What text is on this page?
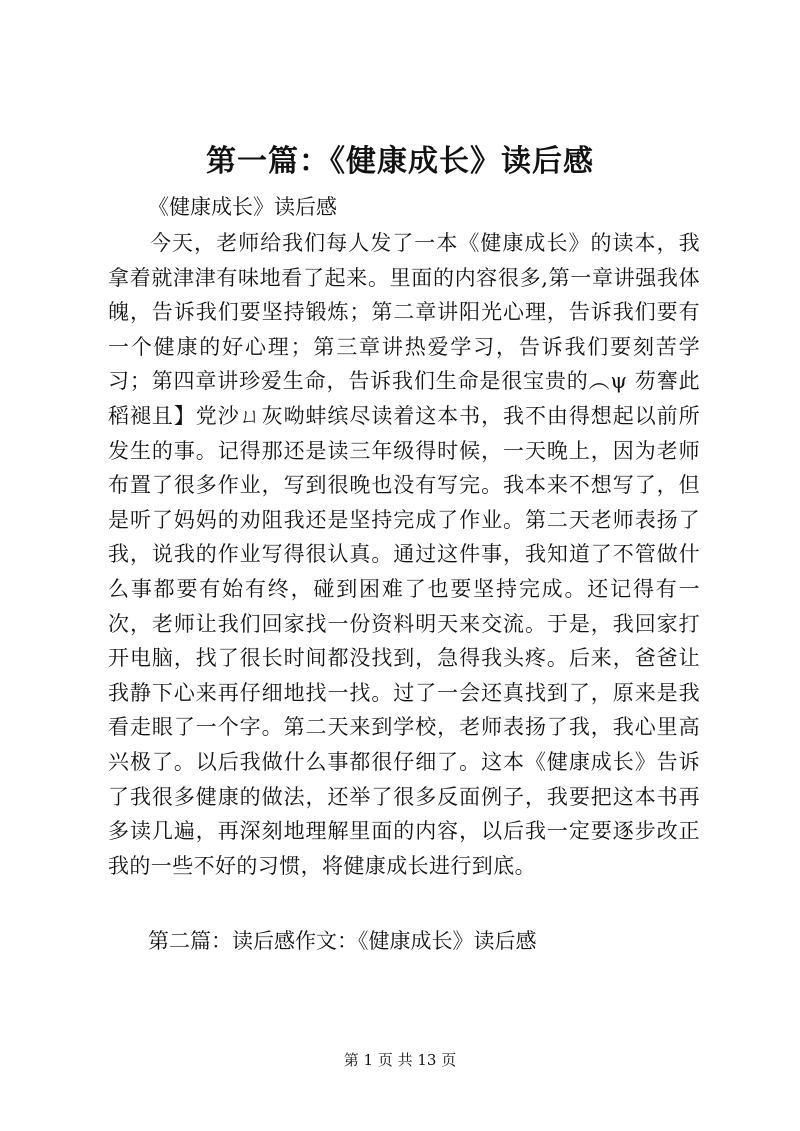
第一篇：《健康成长》读后感

《健康成长》读后感

今天，老师给我们每人发了一本《健康成长》的读本，我拿着就津津有味地看了起来。里面的内容很多,第一章讲强我体魄，告诉我们要坚持锻炼；第二章讲阳光心理，告诉我们要有一个健康的好心理；第三章讲热爱学习，告诉我们要刻苦学习；第四章讲珍爱生命，告诉我们生命是很宝贵的︵ψ 芴謇此稻褪且】党沙ㄩ灰呦蚌缤尽读着这本书，我不由得想起以前所发生的事。记得那还是读三年级得时候，一天晚上，因为老师布置了很多作业，写到很晚也没有写完。我本来不想写了，但是听了妈妈的劝阻我还是坚持完成了作业。第二天老师表扬了我，说我的作业写得很认真。通过这件事，我知道了不管做什么事都要有始有终，碰到困难了也要坚持完成。还记得有一次，老师让我们回家找一份资料明天来交流。于是，我回家打开电脑，找了很长时间都没找到，急得我头疼。后来，爸爸让我静下心来再仔细地找一找。过了一会还真找到了，原来是我看走眼了一个字。第二天来到学校，老师表扬了我，我心里高兴极了。以后我做什么事都很仔细了。这本《健康成长》告诉了我很多健康的做法，还举了很多反面例子，我要把这本书再多读几遍，再深刻地理解里面的内容，以后我一定要逐步改正我的一些不好的习惯，将健康成长进行到底。

第二篇：读后感作文：《健康成长》读后感

第 1 页 共 13 页
